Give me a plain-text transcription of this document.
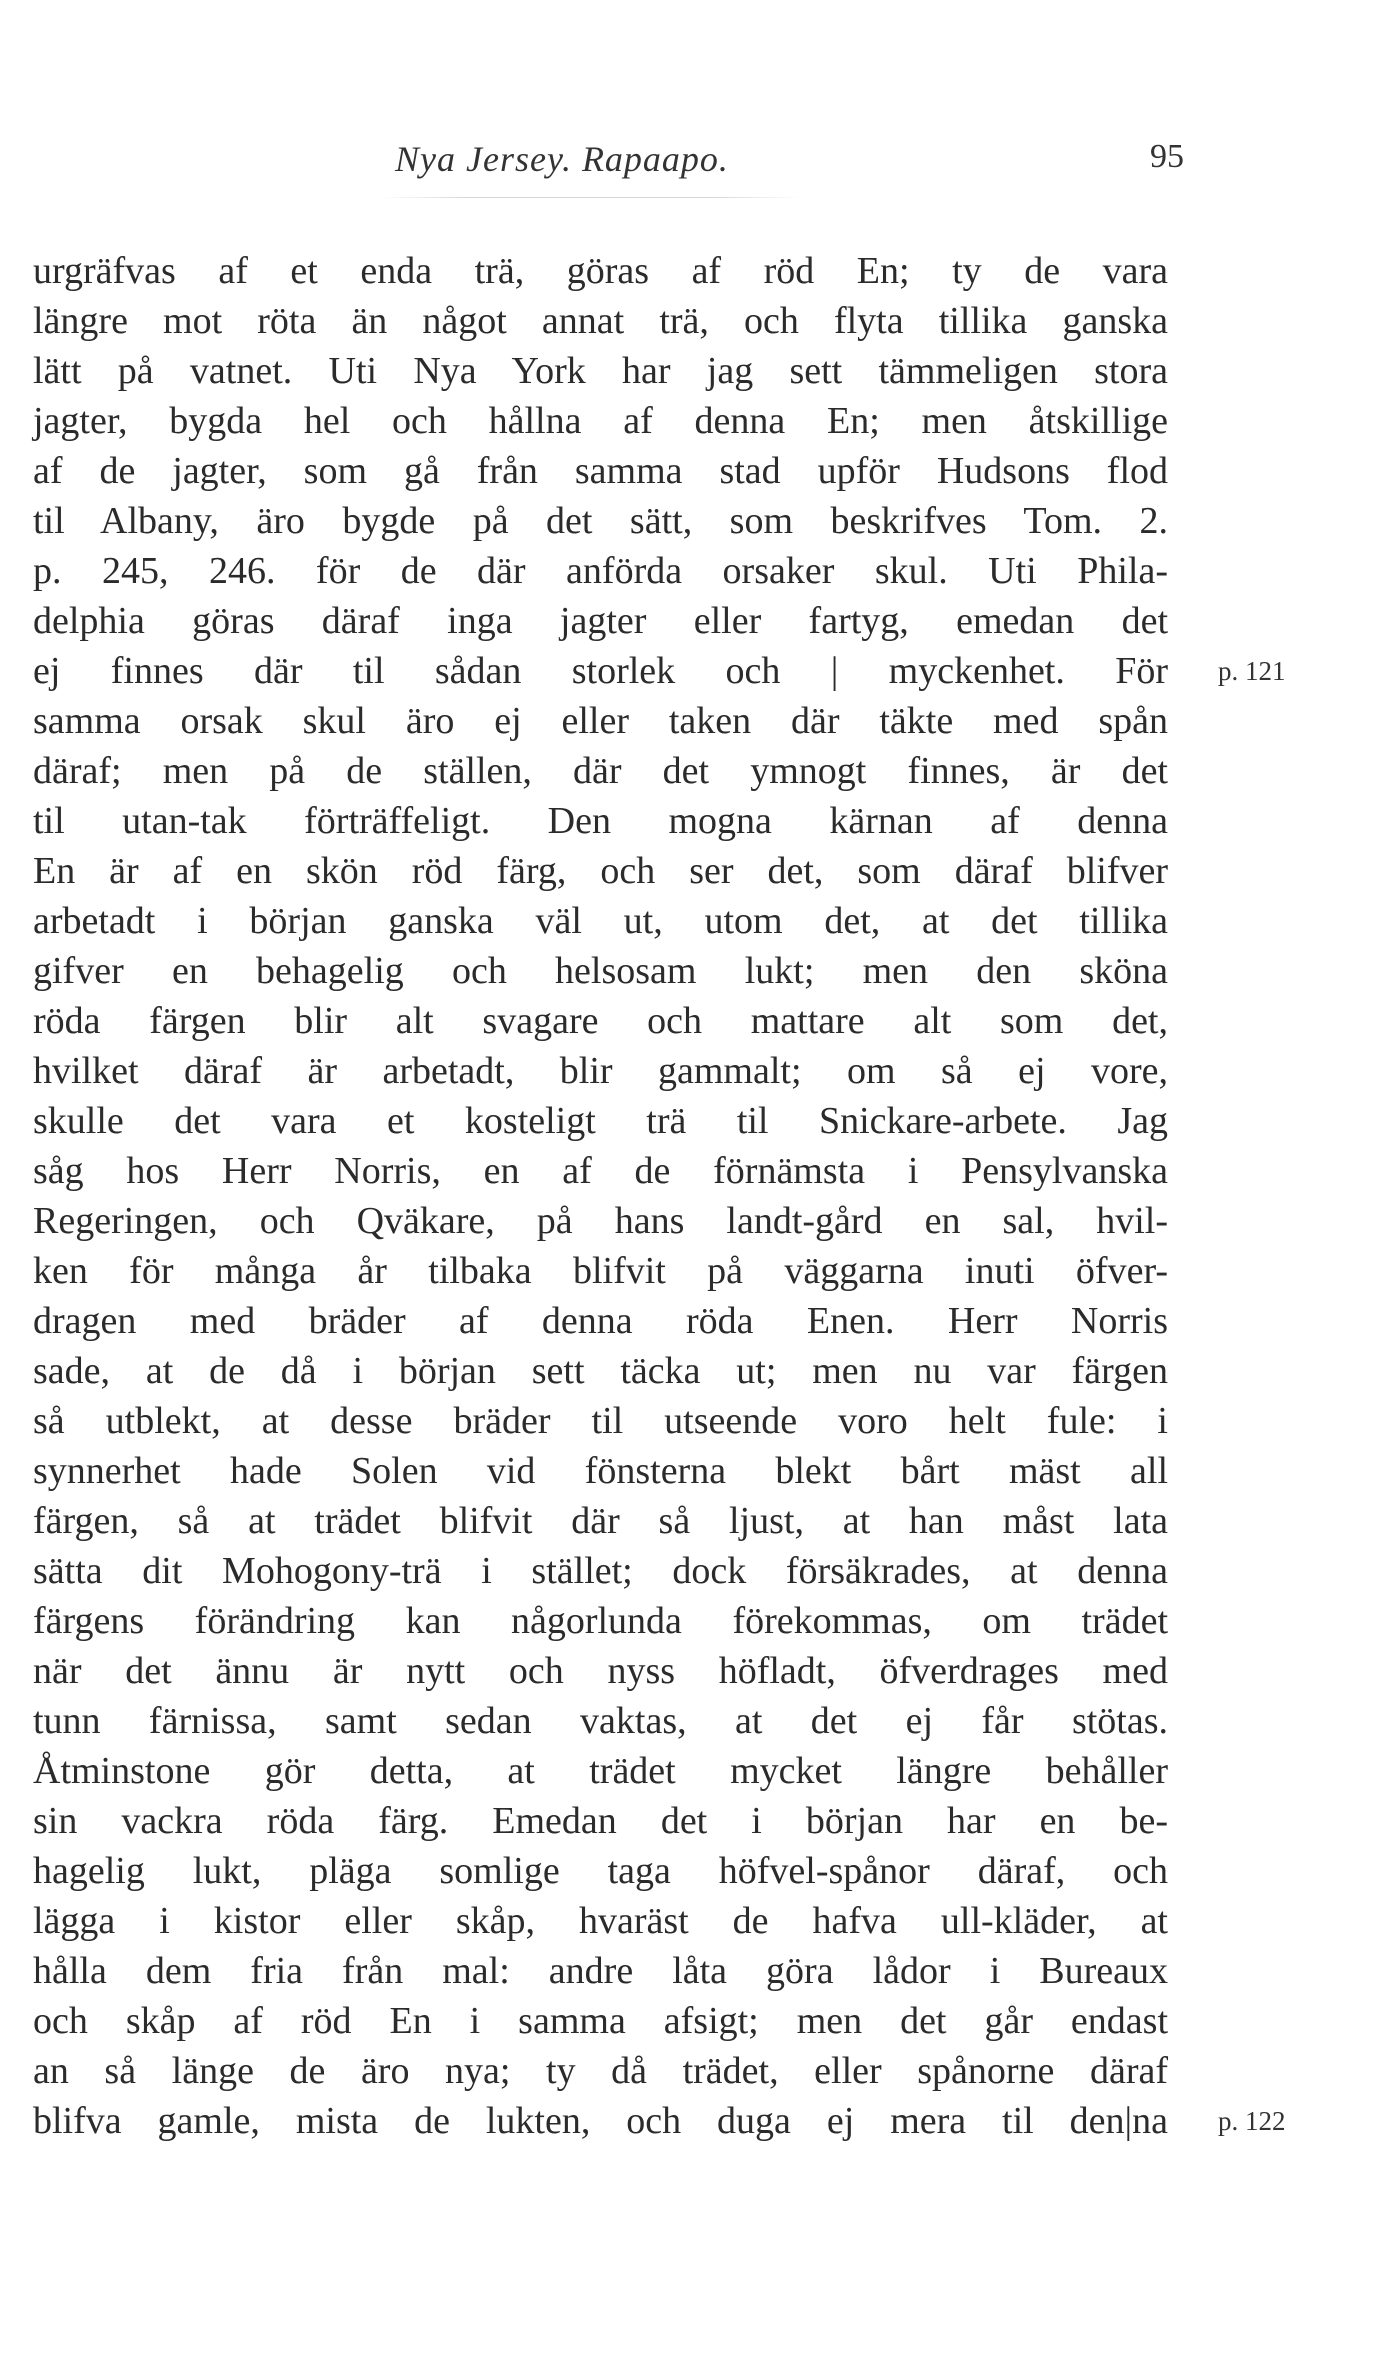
Nya Jersey. Rapaapo.	95
urgräfvas af et enda trä, göras af röd En; ty de vara
längre mot röta än något annat trä, och flyta tillika ganska
lätt på vatnet. Uti Nya York har jag sett tämmeligen stora
jagter, bygda hel och hållna af denna En; men åtskillige
af de jagter, som gå från samma stad upför Hudsons flod
til Albany, äro bygde på det sätt, som beskrifves Tom. 2.
p. 245, 246. för de där anförda orsaker skul. Uti Phila-
delphia göras däraf inga jagter eller fartyg, emedan det
ej finnes där til sådan storlek och | myckenhet. För
samma orsak skul äro ej eller taken där täkte med spån
däraf; men på de ställen, där det ymnogt finnes, är det
til utan-tak förträffeligt. Den mogna kärnan af denna
En är af en skön röd färg, och ser det, som däraf blifver
arbetadt i början ganska väl ut, utom det, at det tillika
gifver en behagelig och helsosam lukt; men den sköna
röda färgen blir alt svagare och mattare alt som det,
hvilket däraf är arbetadt, blir gammalt; om så ej vore,
skulle det vara et kosteligt trä til Snickare-arbete. Jag
såg hos Herr Norris, en af de förnämsta i Pensylvanska
Regeringen, och Qväkare, på hans landt-gård en sal, hvil-
ken för många år tilbaka blifvit på väggarna inuti öfver-
dragen med bräder af denna röda Enen. Herr Norris
sade, at de då i början sett täcka ut; men nu var färgen
så utblekt, at desse bräder til utseende voro helt fule: i
synnerhet hade Solen vid fönsterna blekt bårt mäst all
färgen, så at trädet blifvit där så ljust, at han måst lata
sätta dit Mohogony-trä i stället; dock försäkrades, at denna
färgens förändring kan någorlunda förekommas, om trädet
när det ännu är nytt och nyss höfladt, öfverdrages med
tunn färnissa, samt sedan vaktas, at det ej får stötas.
Åtminstone gör detta, at trädet mycket längre behåller
sin vackra röda färg. Emedan det i början har en be-
hagelig lukt, pläga somlige taga höfvel-spånor däraf, och
lägga i kistor eller skåp, hvaräst de hafva ull-kläder, at
hålla dem fria från mal: andre låta göra lådor i Bureaux
och skåp af röd En i samma afsigt; men det går endast
an så länge de äro nya; ty då trädet, eller spånorne däraf
blifva gamle, mista de lukten, och duga ej mera til den|na
p. 121
p. 122
